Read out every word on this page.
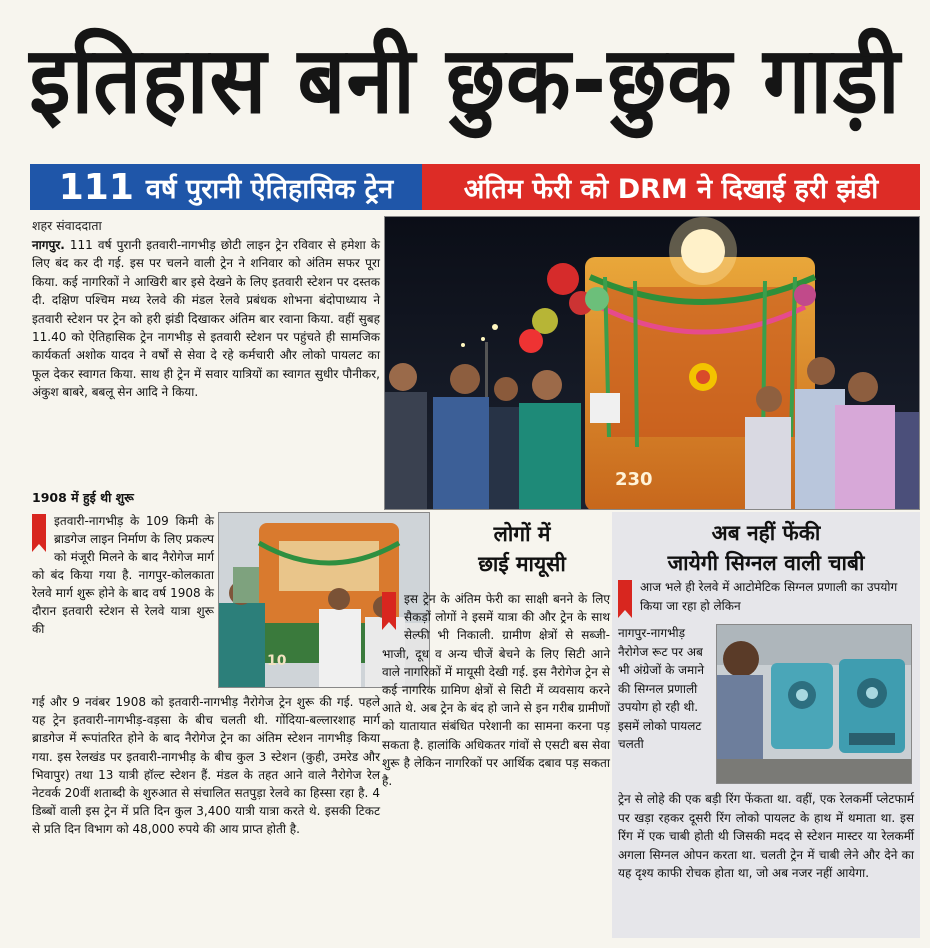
इतिहास बनी छुक-छुक गाड़ी
111 वर्ष पुरानी ऐतिहासिक ट्रेन	अंतिम फेरी को DRM ने दिखाई हरी झंडी
230
शहर संवाददाता
नागपुर. 111 वर्ष पुरानी इतवारी-नागभीड़ छोटी लाइन ट्रेन रविवार से हमेशा के लिए बंद कर दी गई. इस पर चलने वाली ट्रेन ने शनिवार को अंतिम सफर पूरा किया. कई नागरिकों ने आखिरी बार इसे देखने के लिए इतवारी स्टेशन पर दस्तक दी. दक्षिण पश्चिम मध्य रेलवे की मंडल रेलवे प्रबंधक शोभना बंदोपाध्याय ने इतवारी स्टेशन पर ट्रेन को हरी झंडी दिखाकर अंतिम बार रवाना किया. वहीं सुबह 11.40 को ऐतिहासिक ट्रेन नागभीड़ से इतवारी स्टेशन पर पहुंचते ही सामजिक कार्यकर्ता अशोक यादव ने वर्षों से सेवा दे रहे कर्मचारी और लोको पायलट का फूल देकर स्वागत किया. साथ ही ट्रेन में सवार यात्रियों का स्वागत सुधीर पौनीकर, अंकुश बाबरे, बबलू सेन आदि ने किया.
1908 में हुई थी शुरू
10
इतवारी-नागभीड़ के 109 किमी के ब्राडगेज लाइन निर्माण के लिए प्रकल्प को मंजूरी मिलने के बाद नैरोगेज मार्ग को बंद किया गया है. नागपुर-कोलकाता रेलवे मार्ग शुरू होने के बाद वर्ष 1908 के दौरान इतवारी स्टेशन से रेलवे यात्रा शुरू की
गई और 9 नवंबर 1908 को इतवारी-नागभीड़ नैरोगेज ट्रेन शुरू की गई. पहले यह ट्रेन इतवारी-नागभीड़-वड़सा के बीच चलती थी. गोंदिया-बल्लारशाह मार्ग ब्राडगेज में रूपांतरित होने के बाद नैरोगेज ट्रेन का अंतिम स्टेशन नागभीड़ किया गया. इस रेलखंड पर इतवारी-नागभीड़ के बीच कुल 3 स्टेशन (कुही, उमरेड और भिवापुर) तथा 13 यात्री हॉल्ट स्टेशन हैं. मंडल के तहत आने वाले नैरोगेज रेल नेटवर्क 20वीं शताब्दी के शुरुआत से संचालित सतपुड़ा रेलवे का हिस्सा रहा है. 4 डिब्बों वाली इस ट्रेन में प्रति दिन कुल 3,400 यात्री यात्रा करते थे. इसकी टिकट से प्रति दिन विभाग को 48,000 रुपये की आय प्राप्त होती है.
लोगों में
छाई मायूसी
इस ट्रेन के अंतिम फेरी का साक्षी बनने के लिए सैकड़ों लोगों ने इसमें यात्रा की और ट्रेन के साथ सेल्फी भी निकाली. ग्रामीण क्षेत्रों से सब्जी-भाजी, दूध व अन्य चीजें बेचने के लिए सिटी आने वाले नागरिकों में मायूसी देखी गई. इस नैरोगेज ट्रेन से कई नागरिक ग्रामिण क्षेत्रों से सिटी में व्यवसाय करने आते थे. अब ट्रेन के बंद हो जाने से इन गरीब ग्रामीणों को यातायात संबंधित परेशानी का सामना करना पड़ सकता है. हालांकि अधिकतर गांवों से एसटी बस सेवा शुरू है लेकिन नागरिकों पर आर्थिक दबाव पड़ सकता है.
अब नहीं फेंकी
जायेगी सिग्नल वाली चाबी
आज भले ही रेलवे में आटोमेटिक सिग्नल प्रणाली का उपयोग किया जा रहा हो लेकिन
नागपुर-नागभीड़ नैरोगेज रूट पर अब भी अंग्रेजों के जमाने की सिग्नल प्रणाली उपयोग हो रही थी. इसमें लोको पायलट चलती
ट्रेन से लोहे की एक बड़ी रिंग फेंकता था. वहीं, एक रेलकर्मी प्लेटफार्म पर खड़ा रहकर दूसरी रिंग लोको पायलट के हाथ में थमाता था. इस रिंग में एक चाबी होती थी जिसकी मदद से स्टेशन मास्टर या रेलकर्मी अगला सिग्नल ओपन करता था. चलती ट्रेन में चाबी लेने और देने का यह दृश्य काफी रोचक होता था, जो अब नजर नहीं आयेगा.
